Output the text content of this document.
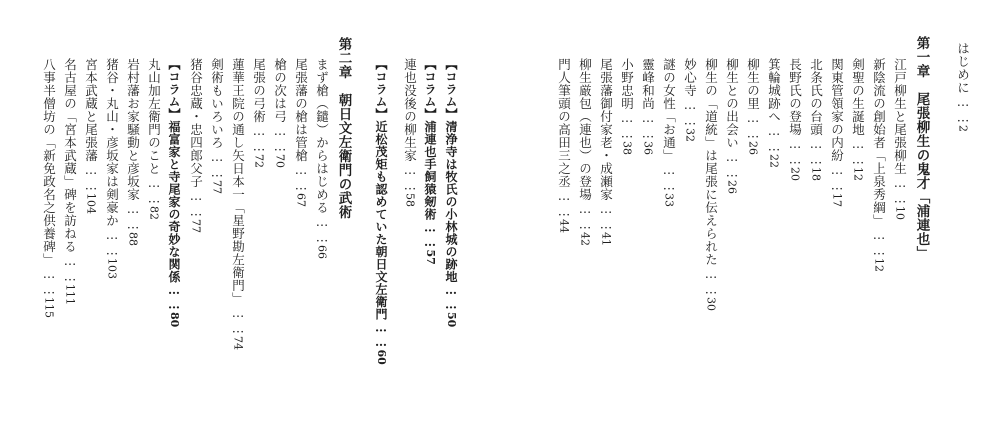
はじめに……2
第一章　尾張柳生の鬼才「浦連也」
江戸柳生と尾張柳生……10
新陰流の創始者「上泉秀綱」……12
剣聖の生誕地……12
関東管領家の内紛……17
北条氏の台頭……18
長野氏の登場……20
箕輪城跡へ……22
柳生の里……26
柳生との出会い……26
柳生の「道統」は尾張に伝えられた……30
妙心寺……32
謎の女性「お通」……33
靈峰和尚……36
小野忠明……38
尾張藩御付家老・成瀬家……41
柳生厳包（連也）の登場……42
門人筆頭の高田三之丞……44
【コラム】清浄寺は牧氏の小林城の跡地……50
【コラム】浦連也手飼猿剱術……57
連也没後の柳生家……58
【コラム】近松茂矩も認めていた朝日文左衛門……60
第二章　朝日文左衛門の武術
まず槍（鑓）からはじめる……66
尾張藩の槍は管槍……67
槍の次は弓……70
尾張の弓術……72
蓮華王院の通し矢日本一「星野勘左衛門」……74
剣術もいろいろ……77
猪谷忠蔵・忠四郎父子……77
【コラム】福富家と寺尾家の奇妙な関係……80
丸山加左衛門のこと……82
岩村藩お家騒動と彦坂家……88
猪谷・丸山・彦坂家は剣豪か……103
宮本武蔵と尾張藩……104
名古屋の「宮本武蔵」碑を訪ねる……111
八事半僧坊の「新免政名之供養碑」……115
